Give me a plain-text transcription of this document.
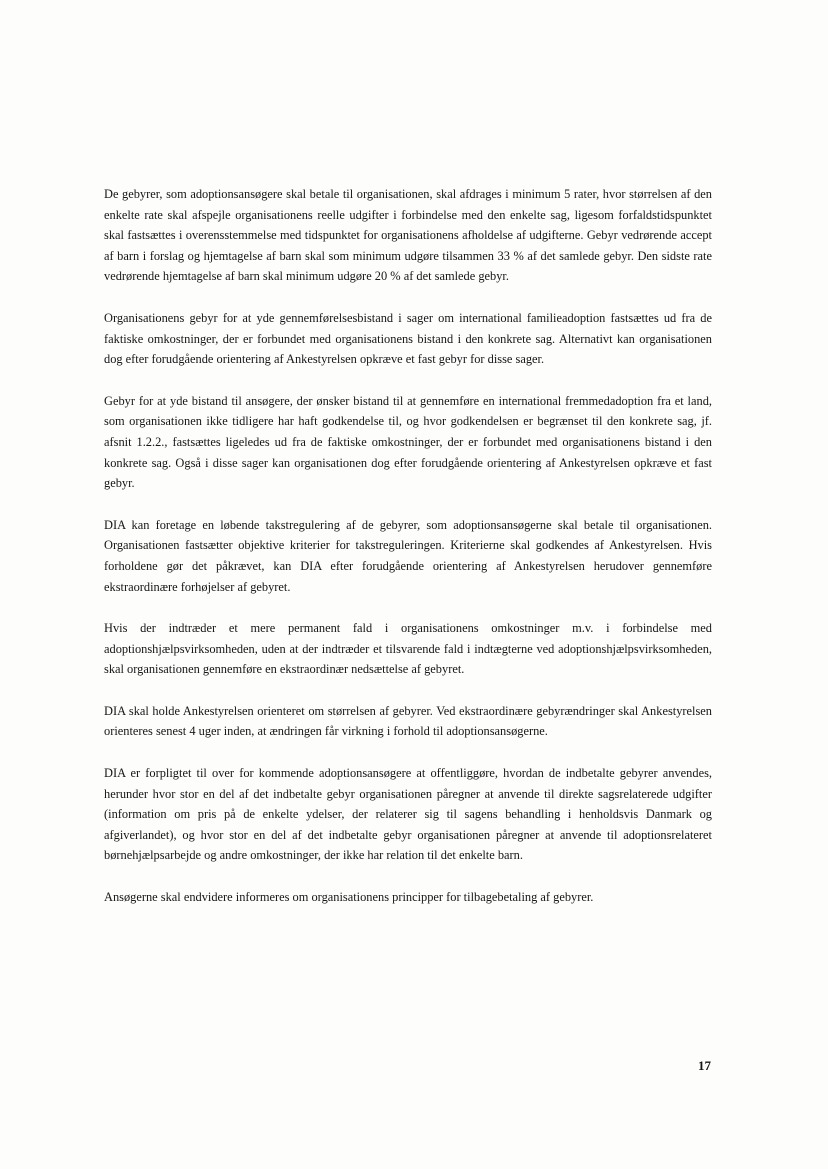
De gebyrer, som adoptionsansøgere skal betale til organisationen, skal afdrages i minimum 5 rater, hvor størrelsen af den enkelte rate skal afspejle organisationens reelle udgifter i forbindelse med den enkelte sag, ligesom forfaldstidspunktet skal fastsættes i overensstemmelse med tidspunktet for organisationens afholdelse af udgifterne. Gebyr vedrørende accept af barn i forslag og hjemtagelse af barn skal som minimum udgøre tilsammen 33 % af det samlede gebyr. Den sidste rate vedrørende hjemtagelse af barn skal minimum udgøre 20 % af det samlede gebyr.

Organisationens gebyr for at yde gennemførelsesbistand i sager om international familieadoption fastsættes ud fra de faktiske omkostninger, der er forbundet med organisationens bistand i den konkrete sag. Alternativt kan organisationen dog efter forudgående orientering af Ankestyrelsen opkræve et fast gebyr for disse sager.

Gebyr for at yde bistand til ansøgere, der ønsker bistand til at gennemføre en international fremmedadoption fra et land, som organisationen ikke tidligere har haft godkendelse til, og hvor godkendelsen er begrænset til den konkrete sag, jf. afsnit 1.2.2., fastsættes ligeledes ud fra de faktiske omkostninger, der er forbundet med organisationens bistand i den konkrete sag. Også i disse sager kan organisationen dog efter forudgående orientering af Ankestyrelsen opkræve et fast gebyr.

DIA kan foretage en løbende takstregulering af de gebyrer, som adoptionsansøgerne skal betale til organisationen. Organisationen fastsætter objektive kriterier for takstreguleringen. Kriterierne skal godkendes af Ankestyrelsen. Hvis forholdene gør det påkrævet, kan DIA efter forudgående orientering af Ankestyrelsen herudover gennemføre ekstraordinære forhøjelser af gebyret.

Hvis der indtræder et mere permanent fald i organisationens omkostninger m.v. i forbindelse med adoptionshjælpsvirksomheden, uden at der indtræder et tilsvarende fald i indtægterne ved adoptionshjælpsvirksomheden, skal organisationen gennemføre en ekstraordinær nedsættelse af gebyret.

DIA skal holde Ankestyrelsen orienteret om størrelsen af gebyrer. Ved ekstraordinære gebyrændringer skal Ankestyrelsen orienteres senest 4 uger inden, at ændringen får virkning i forhold til adoptionsansøgerne.

DIA er forpligtet til over for kommende adoptionsansøgere at offentliggøre, hvordan de indbetalte gebyrer anvendes, herunder hvor stor en del af det indbetalte gebyr organisationen påregner at anvende til direkte sagsrelaterede udgifter (information om pris på de enkelte ydelser, der relaterer sig til sagens behandling i henholdsvis Danmark og afgiverlandet), og hvor stor en del af det indbetalte gebyr organisationen påregner at anvende til adoptionsrelateret børnehjælpsarbejde og andre omkostninger, der ikke har relation til det enkelte barn.

Ansøgerne skal endvidere informeres om organisationens principper for tilbagebetaling af gebyrer.

17
